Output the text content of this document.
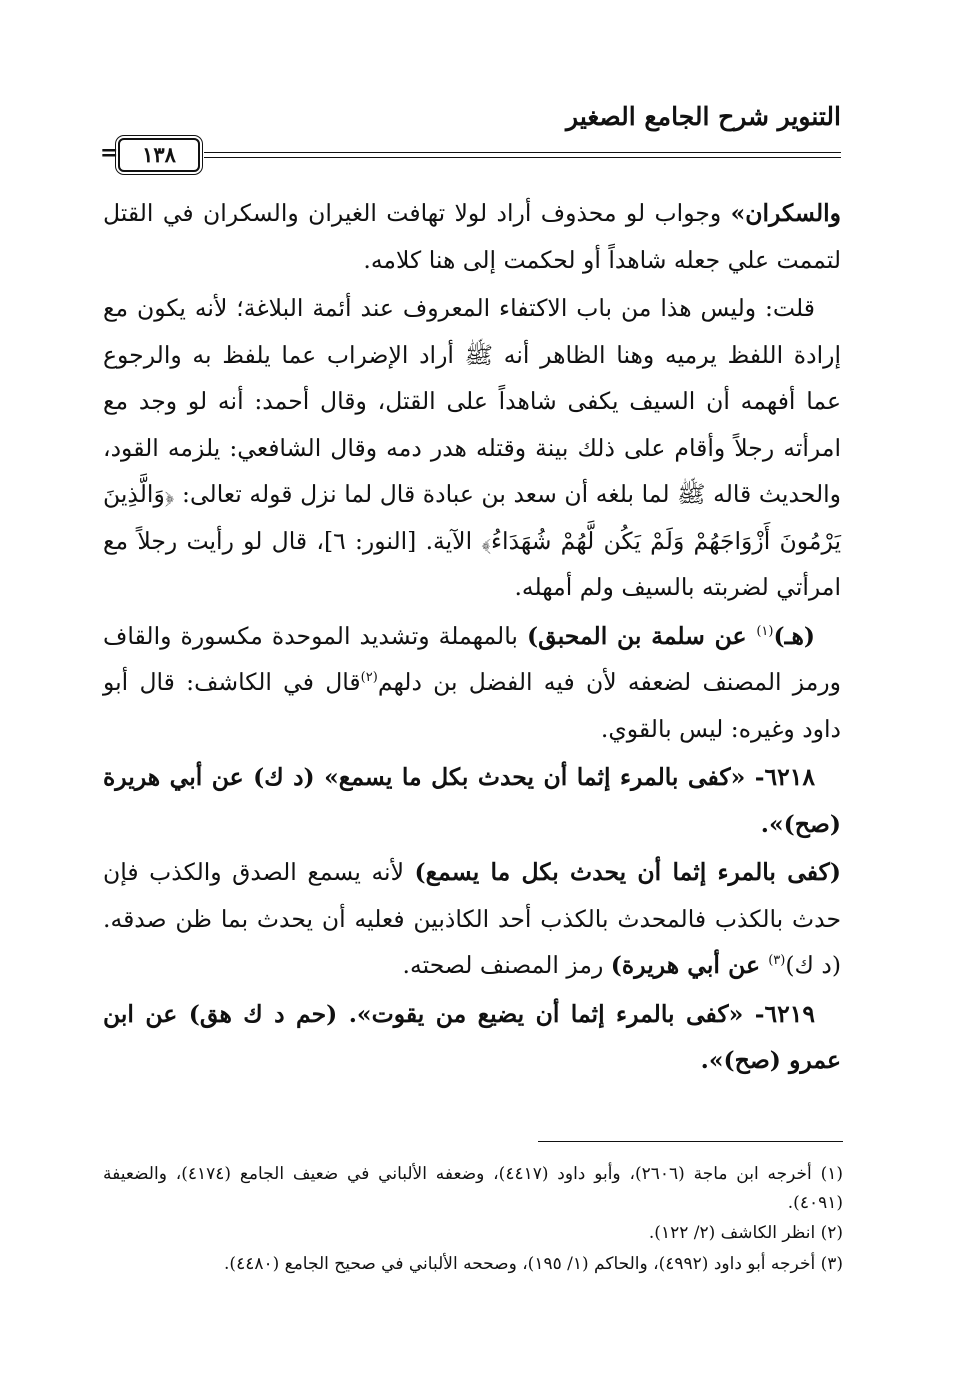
التنوير شرح الجامع الصغير
١٣٨
=

والسكران» وجواب لو محذوف أراد لولا تهافت الغيران والسكران في القتل لتممت علي جعله شاهداً أو لحكمت إلى هنا كلامه.

قلت: وليس هذا من باب الاكتفاء المعروف عند أئمة البلاغة؛ لأنه يكون مع إرادة اللفظ يرميه وهنا الظاهر أنه ﷺ أراد الإضراب عما يلفظ به والرجوع عما أفهمه أن السيف يكفى شاهداً على القتل، وقال أحمد: أنه لو وجد مع امرأته رجلاً وأقام على ذلك بينة وقتله هدر دمه وقال الشافعي: يلزمه القود، والحديث قاله ﷺ لما بلغه أن سعد بن عبادة قال لما نزل قوله تعالى: ﴿وَالَّذِينَ يَرْمُونَ أَزْوَاجَهُمْ وَلَمْ يَكُن لَّهُمْ شُهَدَاءُ﴾ الآية. [النور: ٦]، قال لو رأيت رجلاً مع امرأتي لضربته بالسيف ولم أمهله.

(هـ)$^{(١)}$ عن سلمة بن المحبق) بالمهملة وتشديد الموحدة مكسورة والقاف ورمز المصنف لضعفه لأن فيه الفضل بن دلهم$^{(٢)}$قال في الكاشف: قال أبو داود وغيره: ليس بالقوي.

٦٢١٨- «كفى بالمرء إثما أن يحدث بكل ما يسمع» (د ك) عن أبي هريرة (صح)».

(كفى بالمرء إثما أن يحدث بكل ما يسمع) لأنه يسمع الصدق والكذب فإن حدث بالكذب فالمحدث بالكذب أحد الكاذبين فعليه أن يحدث بما ظن صدقه. (د ك)$^{(٣)}$ عن أبي هريرة) رمز المصنف لصحته.

٦٢١٩- «كفى بالمرء إثما أن يضيع من يقوت». (حم د ك هق) عن ابن عمرو (صح)».

(١) أخرجه ابن ماجة (٢٦٠٦)، وأبو داود (٤٤١٧)، وضعفه الألباني في ضعيف الجامع (٤١٧٤)، والضعيفة (٤٠٩١).

(٢) انظر الكاشف (٢/ ١٢٢).

(٣) أخرجه أبو داود (٤٩٩٢)، والحاكم (١/ ١٩٥)، وصححه الألباني في صحيح الجامع (٤٤٨٠).
